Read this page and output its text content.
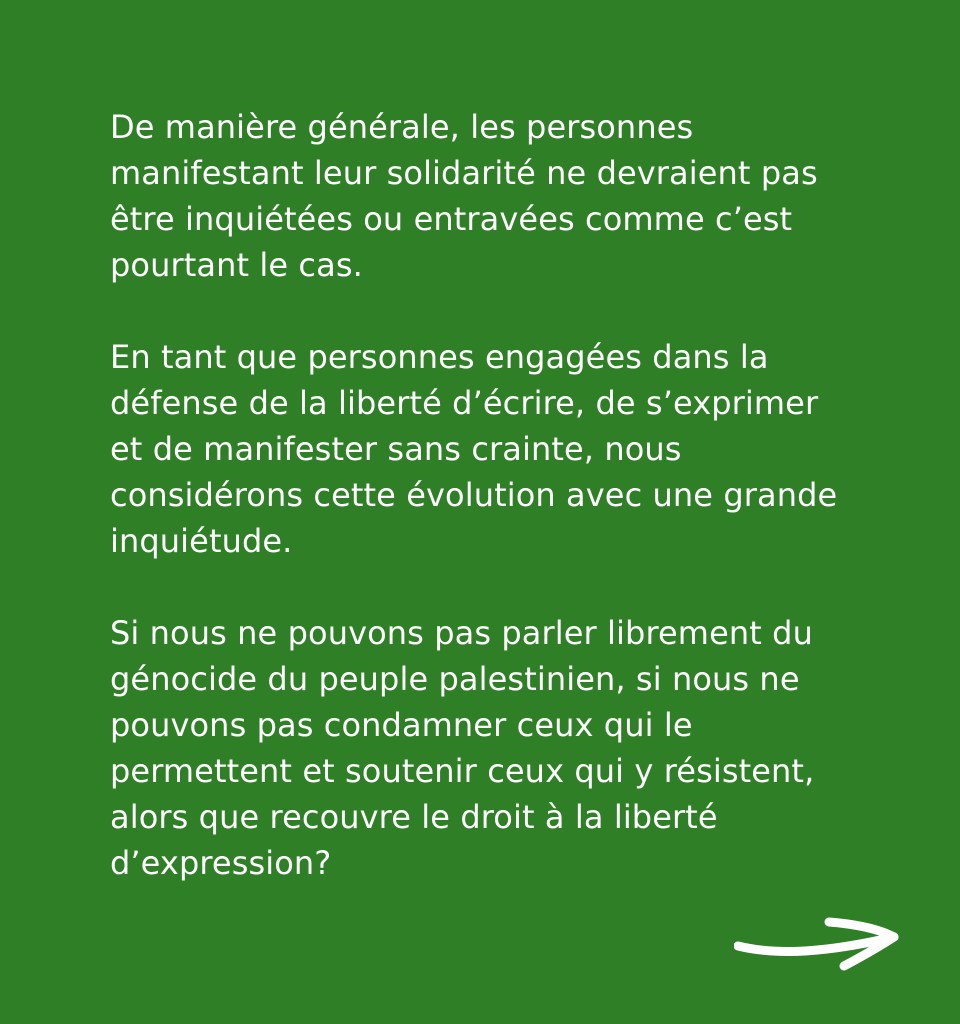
De manière générale, les personnes
manifestant leur solidarité ne devraient pas
être inquiétées ou entravées comme c’est
pourtant le cas.

En tant que personnes engagées dans la
défense de la liberté d’écrire, de s’exprimer
et de manifester sans crainte, nous
considérons cette évolution avec une grande
inquiétude.

Si nous ne pouvons pas parler librement du
génocide du peuple palestinien, si nous ne
pouvons pas condamner ceux qui le
permettent et soutenir ceux qui y résistent,
alors que recouvre le droit à la liberté
d’expression?
